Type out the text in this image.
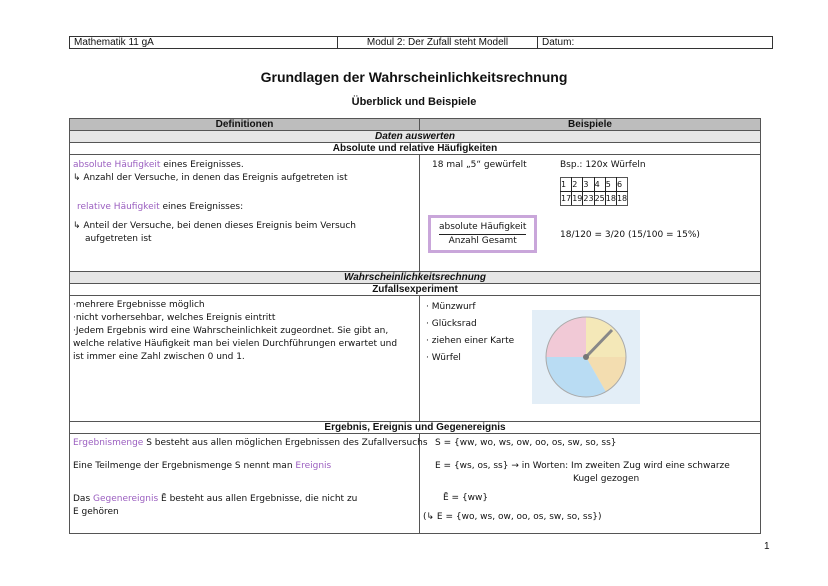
Mathematik 11 gA	Modul 2: Der Zufall steht Modell	Datum:
Grundlagen der Wahrscheinlichkeitsrechnung
Überblick und Beispiele
Definitionen	Beispiele
Daten auswerten
Absolute und relative Häufigkeiten

absolute Häufigkeit eines Ereignisses.
↳ Anzahl der Versuche, in denen das Ereignis aufgetreten ist
relative Häufigkeit eines Ereignisses:
↳ Anteil der Versuche, bei denen dieses Ereignis beim Versuch
aufgetreten ist

18 mal „5“ gewürfelt	Bsp.: 120x Würfeln
1	2	3	4	5	6
17	19	23	25	18	18
absolute Häufigkeit
Anzahl Gesamt
18/120 = 3/20 (15/100 = 15%)

Wahrscheinlichkeitsrechnung
Zufallsexperiment

·mehrere Ergebnisse möglich
·nicht vorhersehbar, welches Ereignis eintritt
·Jedem Ergebnis wird eine Wahrscheinlichkeit zugeordnet. Sie gibt an,
welche relative Häufigkeit man bei vielen Durchführungen erwartet und
ist immer eine Zahl zwischen 0 und 1.

· Münzwurf
· Glücksrad
· ziehen einer Karte
· Würfel

Ergebnis, Ereignis und Gegenereignis

Ergebnismenge S besteht aus allen möglichen Ergebnissen des Zufallversuchs
Eine Teilmenge der Ergebnismenge S nennt man Ereignis
Das Gegenereignis Ē besteht aus allen Ergebnisse, die nicht zu
E gehören

S = {ww, wo, ws, ow, oo, os, sw, so, ss}
E = {ws, os, ss} → in Worten: Im zweiten Zug wird eine schwarze
Kugel gezogen
Ē = {ww}
(↳ E = {wo, ws, ow, oo, os, sw, so, ss})
1
